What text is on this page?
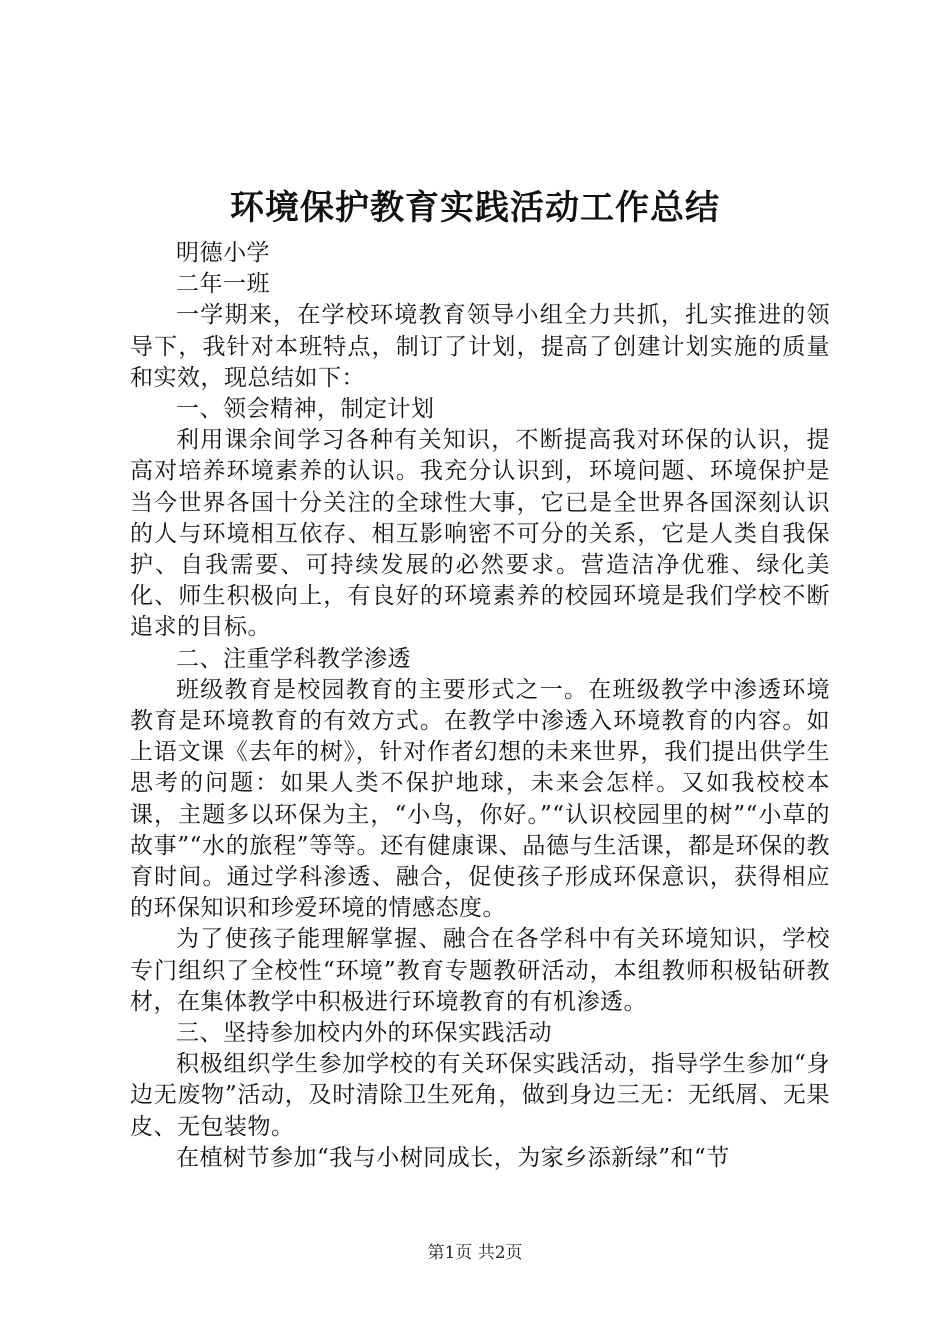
环境保护教育实践活动工作总结

明德小学

二年一班

一学期来，在学校环境教育领导小组全力共抓，扎实推进的领导下，我针对本班特点，制订了计划，提高了创建计划实施的质量和实效，现总结如下：

一、领会精神，制定计划

利用课余间学习各种有关知识，不断提高我对环保的认识，提高对培养环境素养的认识。我充分认识到，环境问题、环境保护是当今世界各国十分关注的全球性大事，它已是全世界各国深刻认识的人与环境相互依存、相互影响密不可分的关系，它是人类自我保护、自我需要、可持续发展的必然要求。营造洁净优雅、绿化美化、师生积极向上，有良好的环境素养的校园环境是我们学校不断追求的目标。

二、注重学科教学渗透

班级教育是校园教育的主要形式之一。在班级教学中渗透环境教育是环境教育的有效方式。在教学中渗透入环境教育的内容。如上语文课《去年的树》，针对作者幻想的未来世界，我们提出供学生思考的问题：如果人类不保护地球，未来会怎样。又如我校校本课，主题多以环保为主，“小鸟，你好。”“认识校园里的树”“小草的故事”“水的旅程”等等。还有健康课、品德与生活课，都是环保的教育时间。通过学科渗透、融合，促使孩子形成环保意识，获得相应的环保知识和珍爱环境的情感态度。

为了使孩子能理解掌握、融合在各学科中有关环境知识，学校专门组织了全校性“环境”教育专题教研活动，本组教师积极钻研教材，在集体教学中积极进行环境教育的有机渗透。

三、坚持参加校内外的环保实践活动

积极组织学生参加学校的有关环保实践活动，指导学生参加“身边无废物”活动，及时清除卫生死角，做到身边三无：无纸屑、无果皮、无包装物。

在植树节参加“我与小树同成长，为家乡添新绿”和“节

第1页 共2页
